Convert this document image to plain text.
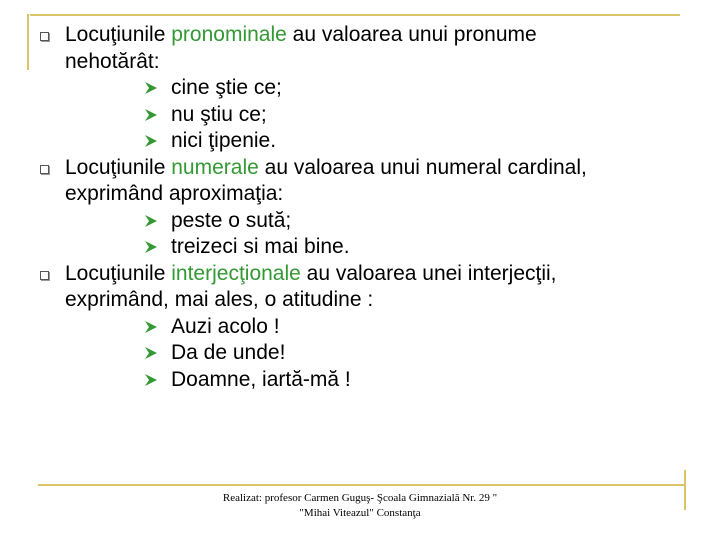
Locuţiunile pronominale au valoarea unui pronume
nehotărât:
cine ştie ce;
nu ştiu ce;
nici ţipenie.
Locuţiunile numerale au valoarea unui numeral cardinal,
exprimând aproximaţia:
peste o sută;
treizeci si mai bine.
Locuţiunile interjecţionale au valoarea unei interjecţii,
exprimând, mai ales, o atitudine :
Auzi acolo !
Da de unde!
Doamne, iartă-mă !
Realizat: profesor Carmen Guguş- Şcoala Gimnazială Nr. 29 "
"Mihai Viteazul" Constanţa
